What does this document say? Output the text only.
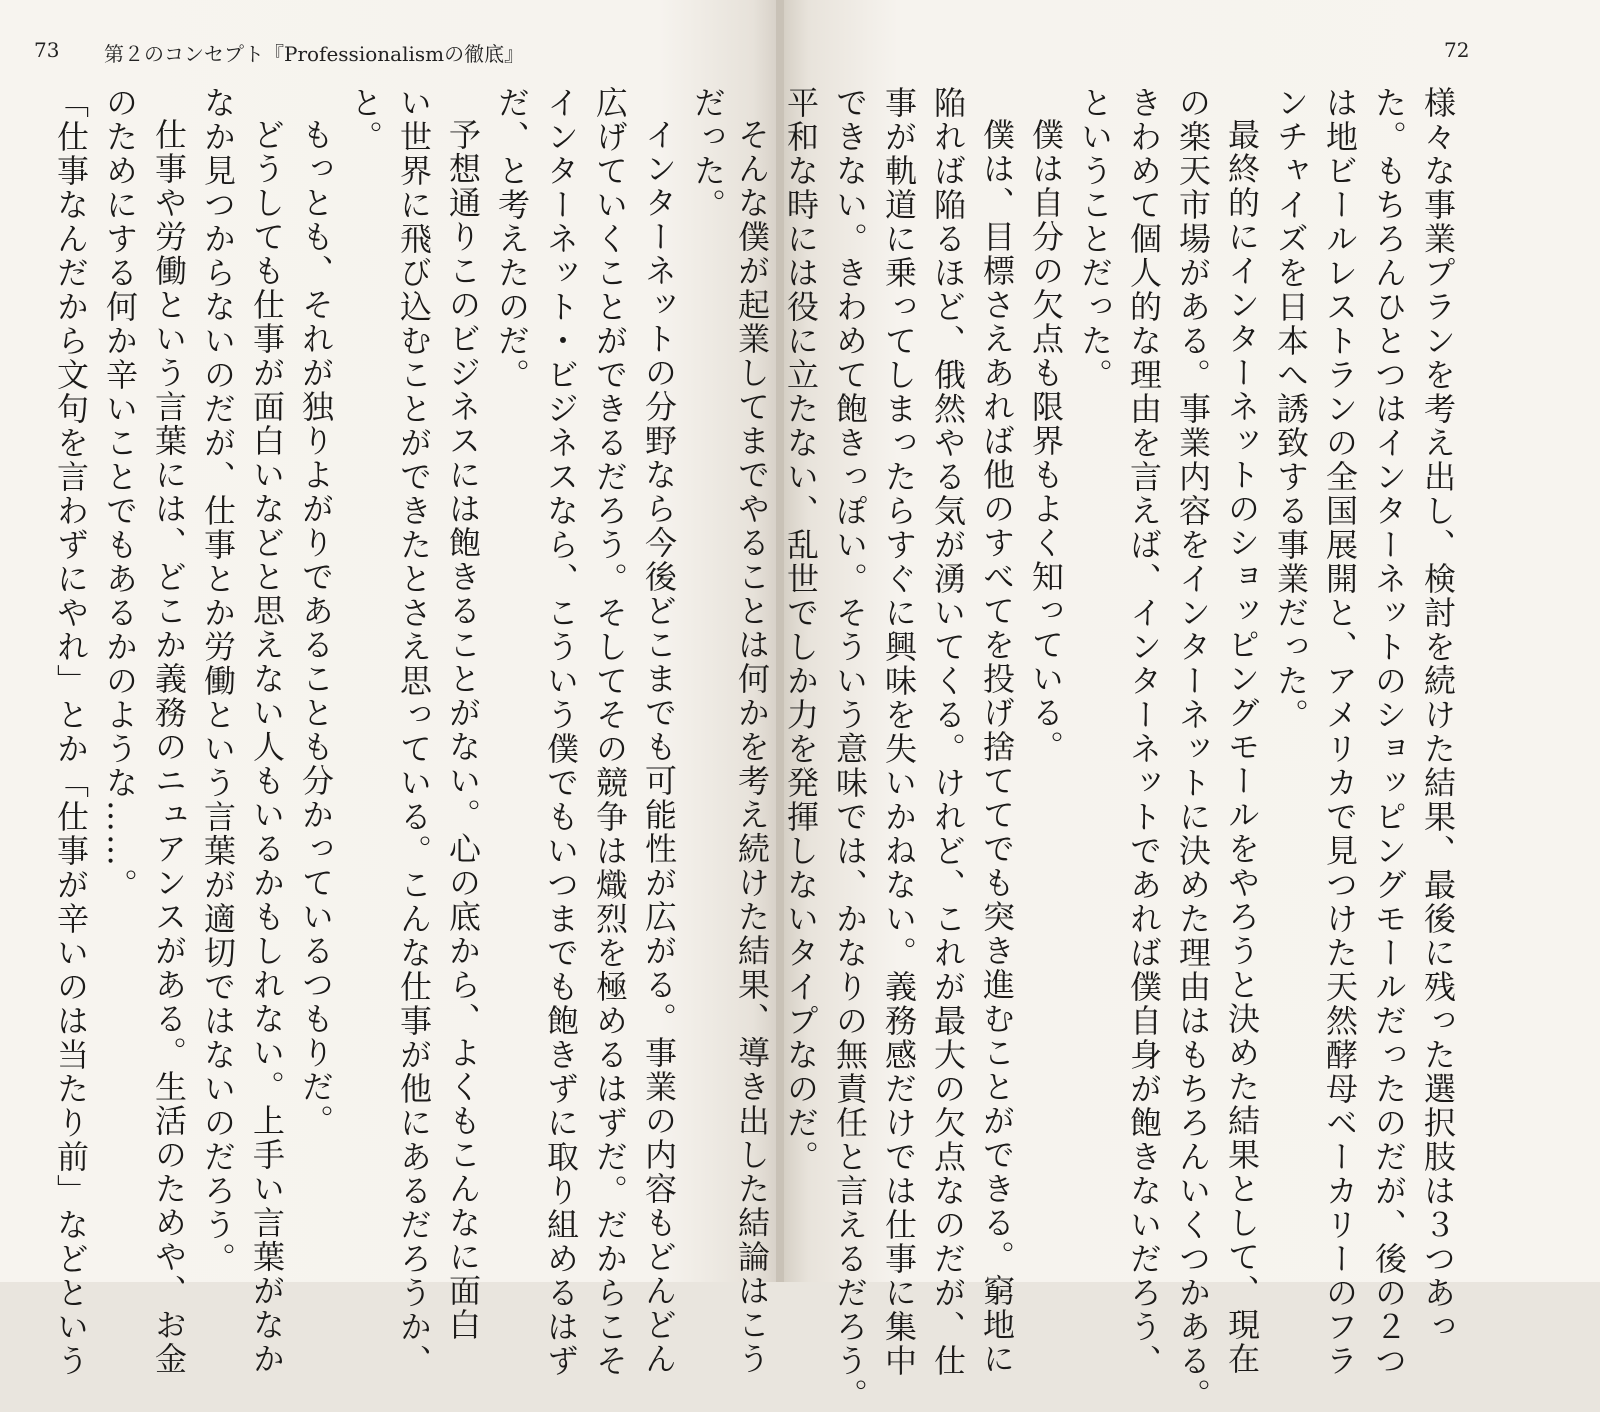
73 第２のコンセプト『Professionalismの徹底』
だった。
インターネットの分野なら今後どこまでも可能性が広がる。事業の内容もどんどん
広げていくことができるだろう。そしてその競争は熾烈を極めるはずだ。だからこそ
インターネット・ビジネスなら、こういう僕でもいつまでも飽きずに取り組めるはず
だ、と考えたのだ。
予想通りこのビジネスには飽きることがない。心の底から、よくもこんなに面白
い世界に飛び込むことができたとさえ思っている。こんな仕事が他にあるだろうか、
と。
もっとも、それが独りよがりであることも分かっているつもりだ。
どうしても仕事が面白いなどと思えない人もいるかもしれない。上手い言葉がなか
なか見つからないのだが、仕事とか労働という言葉が適切ではないのだろう。
仕事や労働という言葉には、どこか義務のニュアンスがある。生活のためや、お金
のためにする何か辛いことでもあるかのような……。
「仕事なんだから文句を言わずにやれ」とか「仕事が辛いのは当たり前」などという
72
様々な事業プランを考え出し、検討を続けた結果、最後に残った選択肢は３つあっ
た。もちろんひとつはインターネットのショッピングモールだったのだが、後の２つ
は地ビールレストランの全国展開と、アメリカで見つけた天然酵母ベーカリーのフラ
ンチャイズを日本へ誘致する事業だった。
最終的にインターネットのショッピングモールをやろうと決めた結果として、現在
の楽天市場がある。事業内容をインターネットに決めた理由はもちろんいくつかある。
きわめて個人的な理由を言えば、インターネットであれば僕自身が飽きないだろう、
ということだった。
僕は自分の欠点も限界もよく知っている。
僕は、目標さえあれば他のすべてを投げ捨ててでも突き進むことができる。窮地に
陥れば陥るほど、俄然やる気が湧いてくる。けれど、これが最大の欠点なのだが、仕
事が軌道に乗ってしまったらすぐに興味を失いかねない。義務感だけでは仕事に集中
できない。きわめて飽きっぽい。そういう意味では、かなりの無責任と言えるだろう。
平和な時には役に立たない、乱世でしか力を発揮しないタイプなのだ。
そんな僕が起業してまでやることは何かを考え続けた結果、導き出した結論はこう
